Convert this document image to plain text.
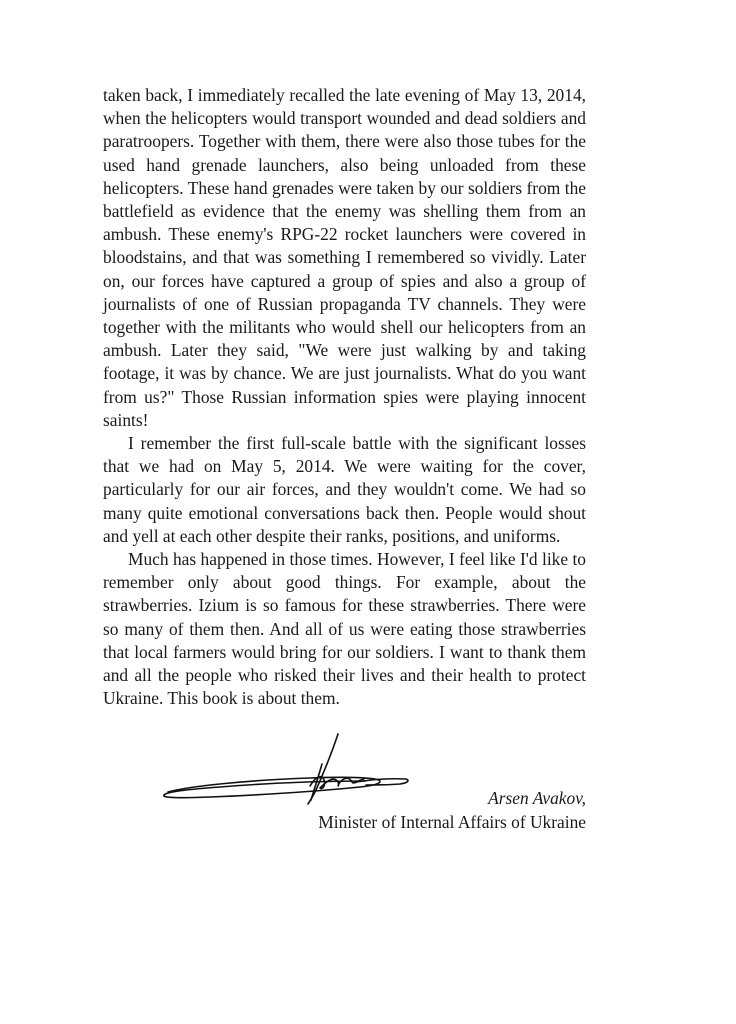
taken back, I immediately recalled the late evening of May 13, 2014, when the helicopters would transport wounded and dead soldiers and paratroopers. Together with them, there were also those tubes for the used hand grenade launchers, also being unloaded from these helicopters. These hand grenades were taken by our soldiers from the battlefield as evidence that the enemy was shelling them from an ambush. These enemy's RPG-22 rocket launchers were covered in bloodstains, and that was something I remembered so vividly. Later on, our forces have captured a group of spies and also a group of journalists of one of Russian propaganda TV channels. They were together with the militants who would shell our helicopters from an ambush. Later they said, "We were just walking by and taking footage, it was by chance. We are just journalists. What do you want from us?" Those Russian information spies were playing innocent saints!

I remember the first full-scale battle with the significant losses that we had on May 5, 2014. We were waiting for the cover, particularly for our air forces, and they wouldn't come. We had so many quite emotional conversations back then. People would shout and yell at each other despite their ranks, positions, and uniforms.

Much has happened in those times. However, I feel like I'd like to remember only about good things. For example, about the strawberries. Izium is so famous for these strawberries. There were so many of them then. And all of us were eating those strawberries that local farmers would bring for our soldiers. I want to thank them and all the people who risked their lives and their health to protect Ukraine. This book is about them.

Arsen Avakov,
Minister of Internal Affairs of Ukraine
